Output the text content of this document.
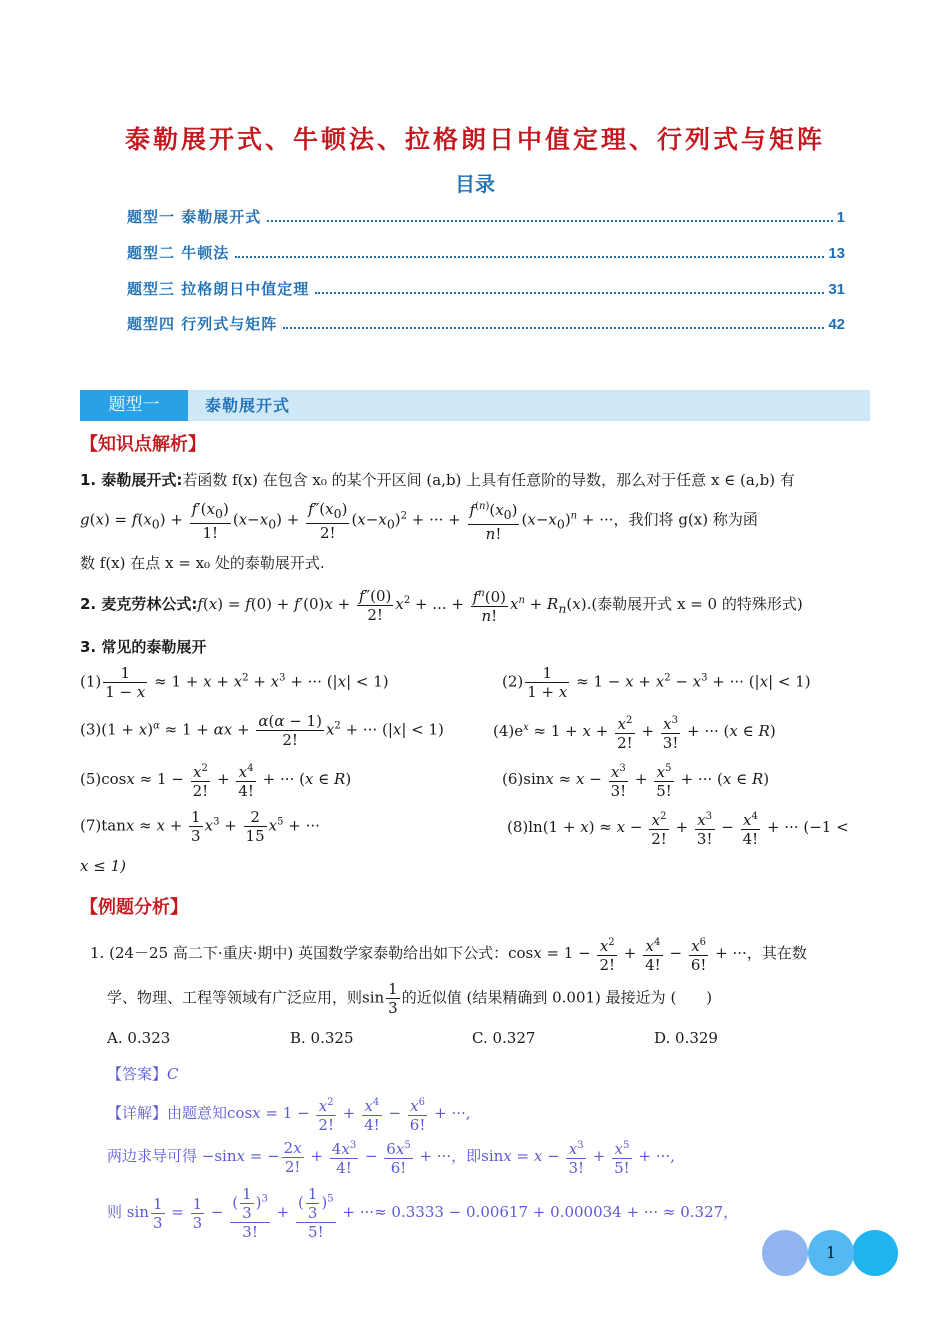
泰勒展开式、牛顿法、拉格朗日中值定理、行列式与矩阵
目录
题型一 泰勒展开式	1
题型二 牛顿法	13
题型三 拉格朗日中值定理	31
题型四 行列式与矩阵	42
题型一	泰勒展开式
【知识点解析】
1. 泰勒展开式:若函数 f(x) 在包含 x₀ 的某个开区间 (a,b) 上具有任意阶的导数，那么对于任意 x ∈ (a,b) 有
$g(x) = f(x_0) + \frac{f'(x_0)}{1!} (x-x_0) + \frac{f''(x_0)}{2!} (x-x_0)^2$ + ··· + $\frac{f^{(n)}(x_0)}{n!} (x-x_0)^n$ + ···，我们将 g(x) 称为函
数 f(x) 在点 x = x₀ 处的泰勒展开式.
2. 麦克劳林公式:f(x) = $f(0) + f'(0)x + \frac{f''(0)}{2!} x^2$ + ... + $\frac{f^n(0)}{n!} x^n + R_n(x)$.(泰勒展开式 x = 0 的特殊形式)
3. 常见的泰勒展开
$(1) \frac{1}{1 - x} \approx 1 + x + x^2 + x^3$ + ··· (|x| < 1)	$(2) \frac{1}{1 + x} \approx 1 - x + x^2 - x^3$ + ··· (|x| < 1)
$(3)(1 + x)^\alpha \approx 1 + \alpha x + \frac{\alpha(\alpha - 1)}{2!} x^2$ + ··· (|x| < 1)	$(4)e^x \approx 1 + x + \frac{x^2}{2!} + \frac{x^3}{3!}$ + ··· (x ∈ R)
$(5)\cos x \approx 1 - \frac{x^2}{2!} + \frac{x^4}{4!}$ + ··· (x ∈ R)	$(6)\sin x \approx x - \frac{x^3}{3!} + \frac{x^5}{5!}$ + ··· (x ∈ R)
$(7)\tan x \approx x + \frac{1}{3} x^3 + \frac{2}{15} x^5$ + ···	$(8)\ln(1 + x) \approx x - \frac{x^2}{2!} + \frac{x^3}{3!} - \frac{x^4}{4!}$ + ··· (−1 <
x ≤ 1)
【例题分析】
1. (24－25 高二下·重庆·期中) 英国数学家泰勒给出如下公式：$\cos x = 1 - \frac{x^2}{2!} + \frac{x^4}{4!} - \frac{x^6}{6!}$ + ···，其在数
学、物理、工程等领域有广泛应用，则$\sin \frac{1}{3}$ 的近似值 (结果精确到 0.001) 最接近为 (　　)
A. 0.323	B. 0.325	C. 0.327	D. 0.329
【答案】C
【详解】由题意知$\cos x = 1 - \frac{x^2}{2!} + \frac{x^4}{4!} - \frac{x^6}{6!}$ + ···,
两边求导可得 −sinx = − $\frac{2x}{2!} + \frac{4x^3}{4!} - \frac{6x^5}{6!}$ + ···，即$\sin x = x - \frac{x^3}{3!} + \frac{x^5}{5!}$ + ···,
则 $\sin \frac{1}{3} = \frac{1}{3} - \frac{( \frac{1}{3} )^3}{3!} + \frac{( \frac{1}{3} )^5}{5!}$ + ···≈ 0.3333 − 0.00617 + 0.000034 + ··· ≈ 0.327，
1
